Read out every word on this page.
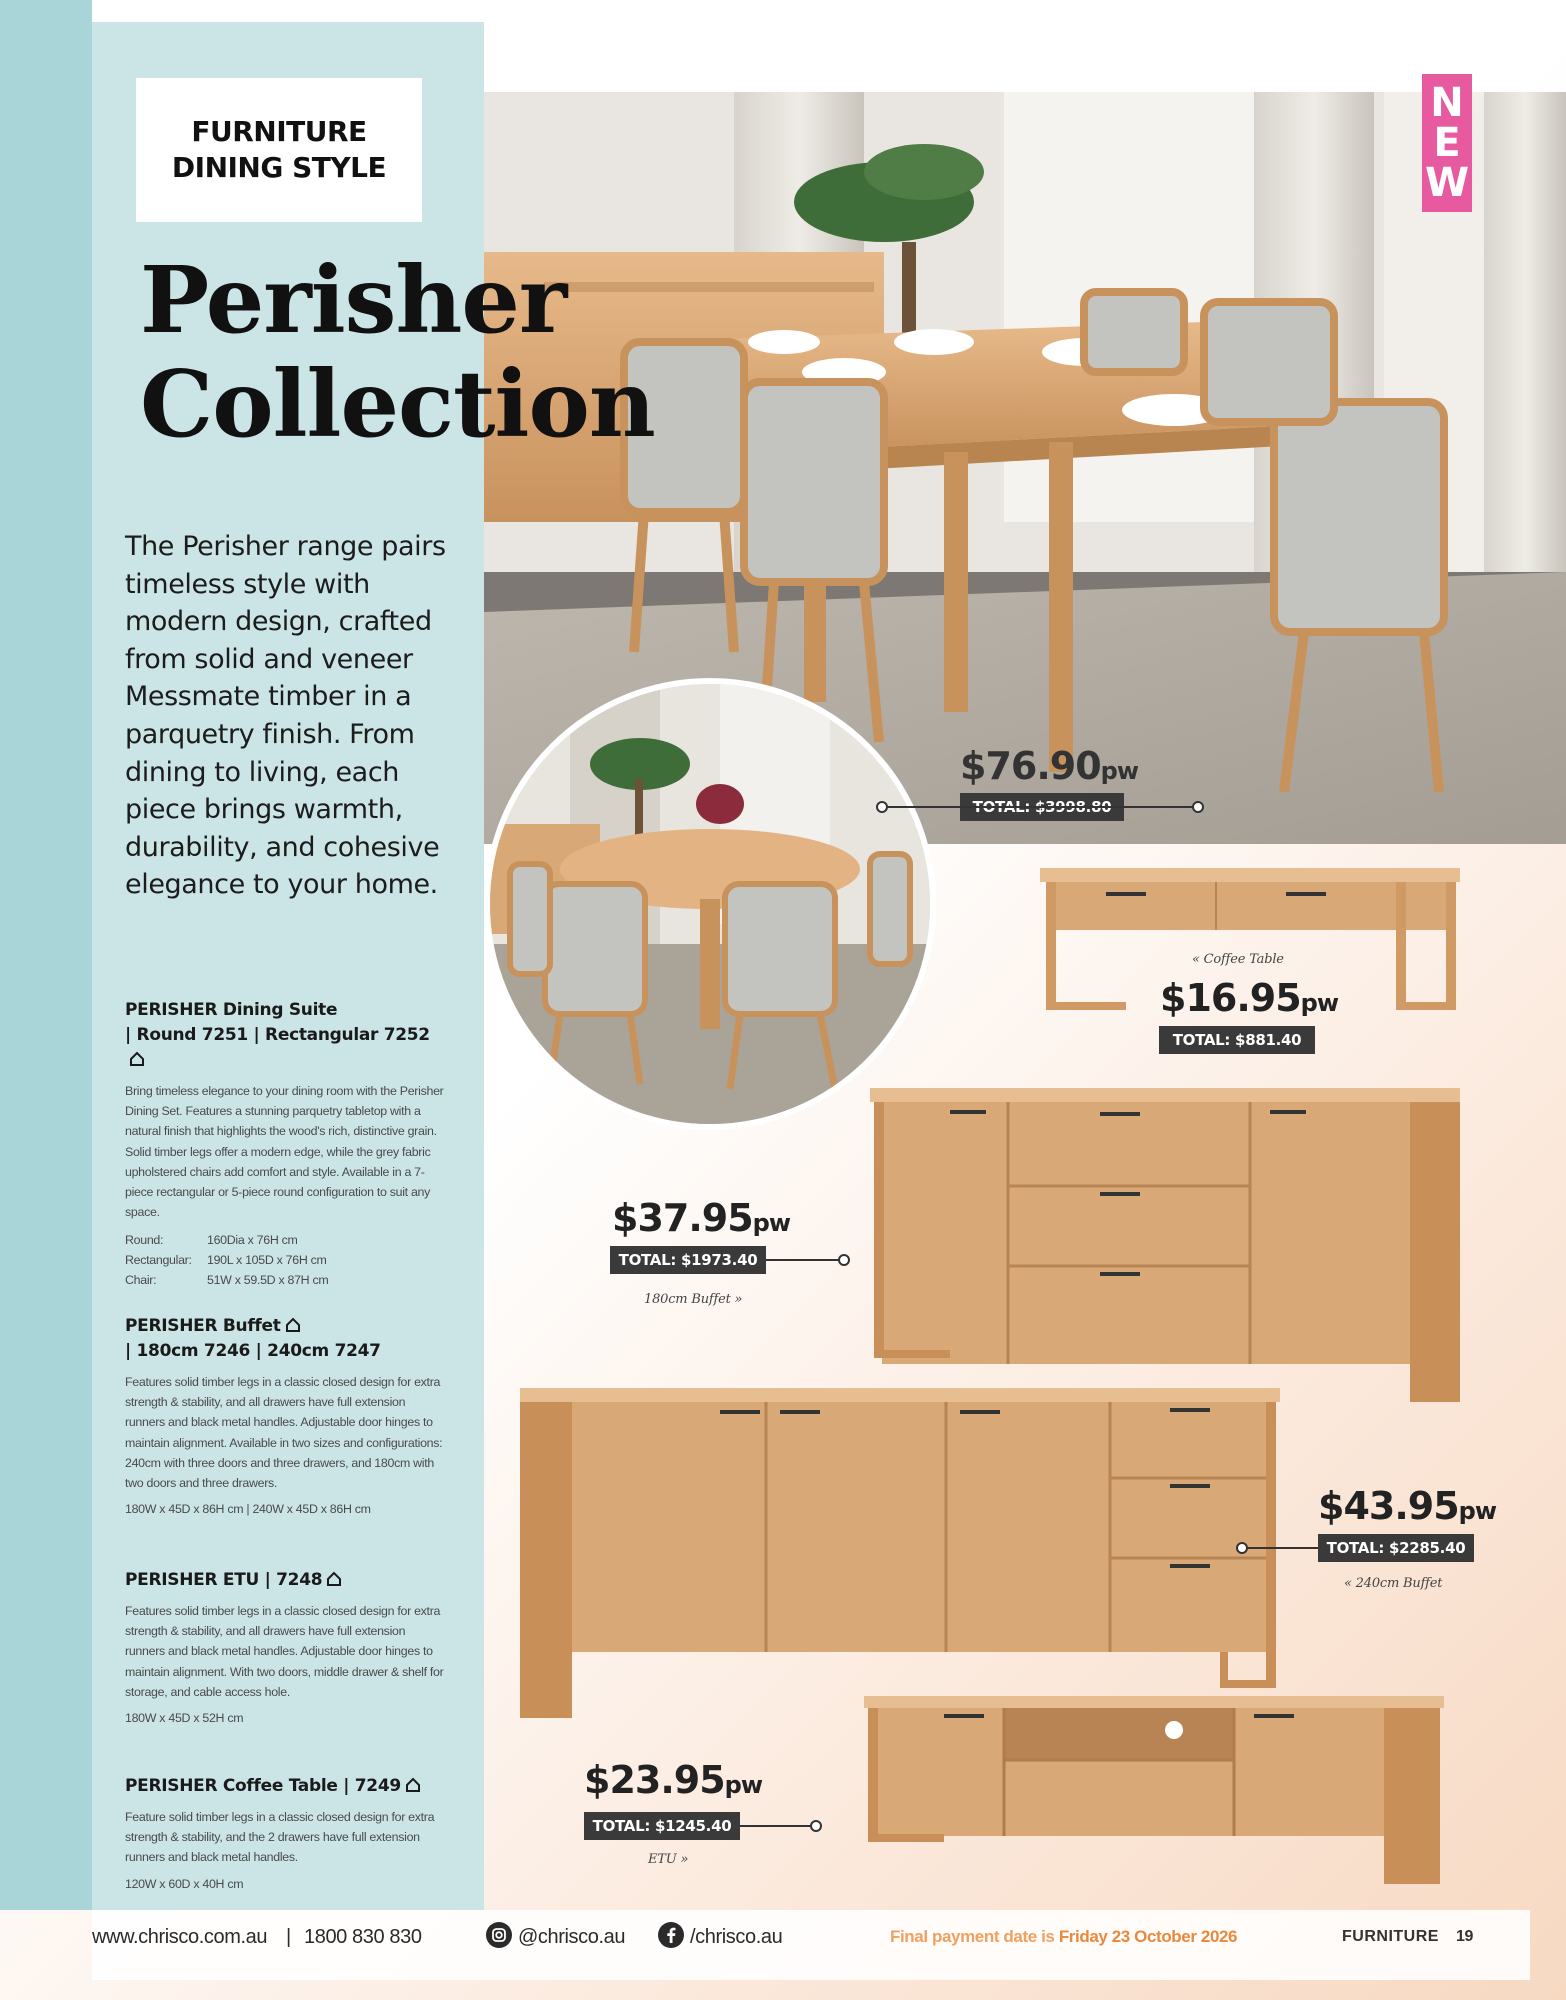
FURNITURE
DINING STYLE
Perisher
Collection
N
E
W
The Perisher range pairs timeless style with modern design, crafted from solid and veneer Messmate timber in a parquetry finish. From dining to living, each piece brings warmth, durability, and cohesive elegance to your home.
PERISHER Dining Suite
| Round 7251 | Rectangular 7252
Bring timeless elegance to your dining room with the Perisher Dining Set. Features a stunning parquetry tabletop with a natural finish that highlights the wood's rich, distinctive grain. Solid timber legs offer a modern edge, while the grey fabric upholstered chairs add comfort and style. Available in a 7-piece rectangular or 5-piece round configuration to suit any space.
Round:	160Dia x 76H cm
Rectangular:	190L x 105D x 76H cm
Chair:	51W x 59.5D x 87H cm
PERISHER Buffet
| 180cm 7246 | 240cm 7247
Features solid timber legs in a classic closed design for extra strength & stability, and all drawers have full extension runners and black metal handles. Adjustable door hinges to maintain alignment. Available in two sizes and configurations: 240cm with three doors and three drawers, and 180cm with two doors and three drawers.
180W x 45D x 86H cm | 240W x 45D x 86H cm
PERISHER ETU | 7248
Features solid timber legs in a classic closed design for extra strength & stability, and all drawers have full extension runners and black metal handles. Adjustable door hinges to maintain alignment. With two doors, middle drawer & shelf for storage, and cable access hole.
180W x 45D x 52H cm
PERISHER Coffee Table | 7249
Feature solid timber legs in a classic closed design for extra strength & stability, and the 2 drawers have full extension runners and black metal handles.
120W x 60D x 40H cm
$76.90pw
TOTAL: $3998.80
« Coffee Table
$16.95pw
TOTAL: $881.40
$37.95pw
TOTAL: $1973.40
180cm Buffet »
$43.95pw
TOTAL: $2285.40
« 240cm Buffet
$23.95pw
TOTAL: $1245.40
ETU »
www.chrisco.com.au | 1800 830 830	@chrisco.au	/chrisco.au	Final payment date is Friday 23 October 2026	FURNITURE 19
